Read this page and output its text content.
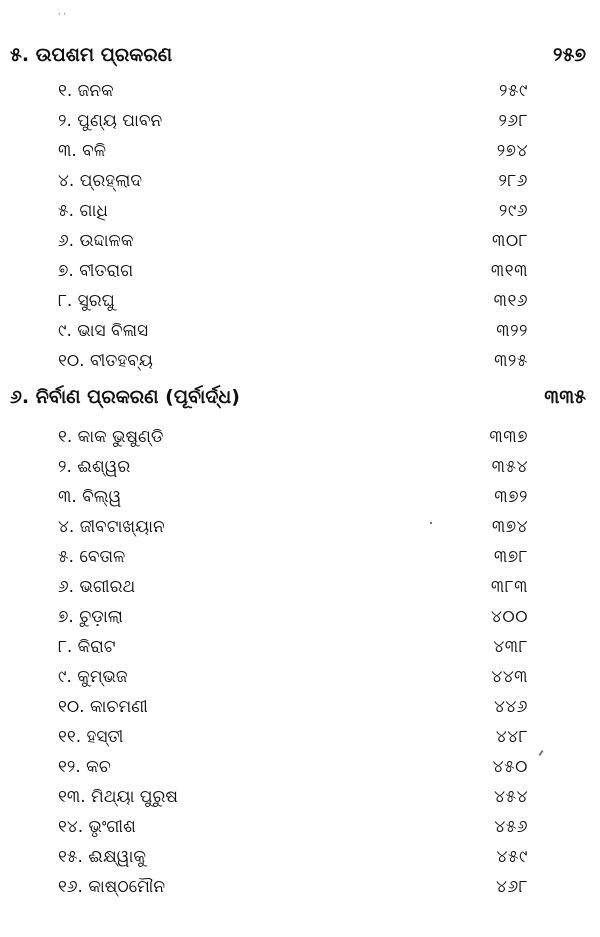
' '
୫. ଉପଶମ ପ୍ରକରଣ	୨୫୭
୧. ଜନକ	୨୫୯
୨. ପୁଣ୍ୟ ପାବନ	୨୬୮
୩. ବଳି	୨୭୪
୪. ପ୍ରହ୍ଲାଦ	୨୮୬
୫. ଗାଧି	୨୯୬
୬. ଉଦ୍ଦାଳକ	୩୦୮
୭. ବୀତରାଗ	୩୧୩
୮. ସୁରଘୁ	୩୧୬
୯. ଭାସ ବିଳାସ	୩୨୨
୧୦. ବୀତହବ୍ୟ	୩୨୫
୬. ନିର୍ବାଣ ପ୍ରକରଣ (ପୂର୍ବାର୍ଦ୍ଧ)	୩୩୫
୧. କାକ ଭୁଷୁଣ୍ଡି	୩୩୭
୨. ଈଶ୍ୱର	୩୫୪
୩. ବିଲ୍ୱ	୩୭୨
୪. ଜୀବଟାଖ୍ୟାନ	୩୭୪
୫. ବେତାଳ	୩୭୮
୬. ଭଗୀରଥ	୩୮୩
୭. ଚୁଡ଼ାଲା	୪୦୦
୮. କିରାଟ	୪୩୮
୯. କୁମ୍ଭଜ	୪୪୩
୧୦. କାଚମଣୀ	୪୪୬
୧୧. ହସ୍ତୀ	୪୪୮
୧୨. କଚ	୪୫୦
୧୩. ମିଥ୍ୟା ପୁରୁଷ	୪୫୪
୧୪. ଭୃଂଗୀଶ	୪୫୬
୧୫. ଈକ୍ଷ୍ୱାକୁ	୪୫୯
୧୬. କାଷ୍ଠମୌନ	୪୬୮
